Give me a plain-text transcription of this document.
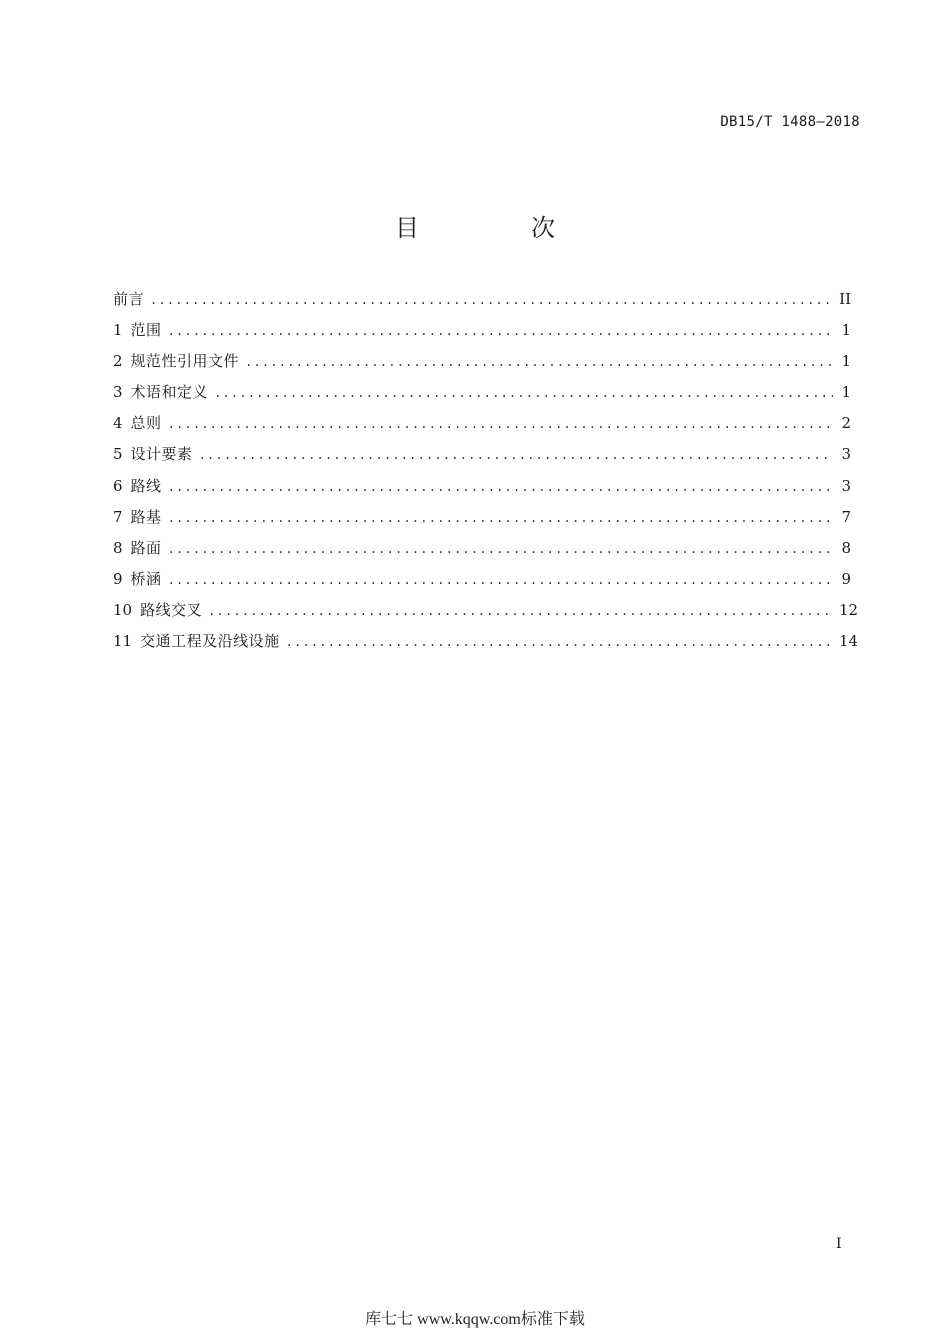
DB15/T 1488—2018
目　次
前言 .....	II
1 范围 .....	1
2 规范性引用文件 .....	1
3 术语和定义 .....	1
4 总则 .....	2
5 设计要素 .....	3
6 路线 .....	3
7 路基 .....	7
8 路面 .....	8
9 桥涵 .....	9
10 路线交叉 .....	12
11 交通工程及沿线设施 .....	14
I
库七七 www.kqqw.com标准下载
